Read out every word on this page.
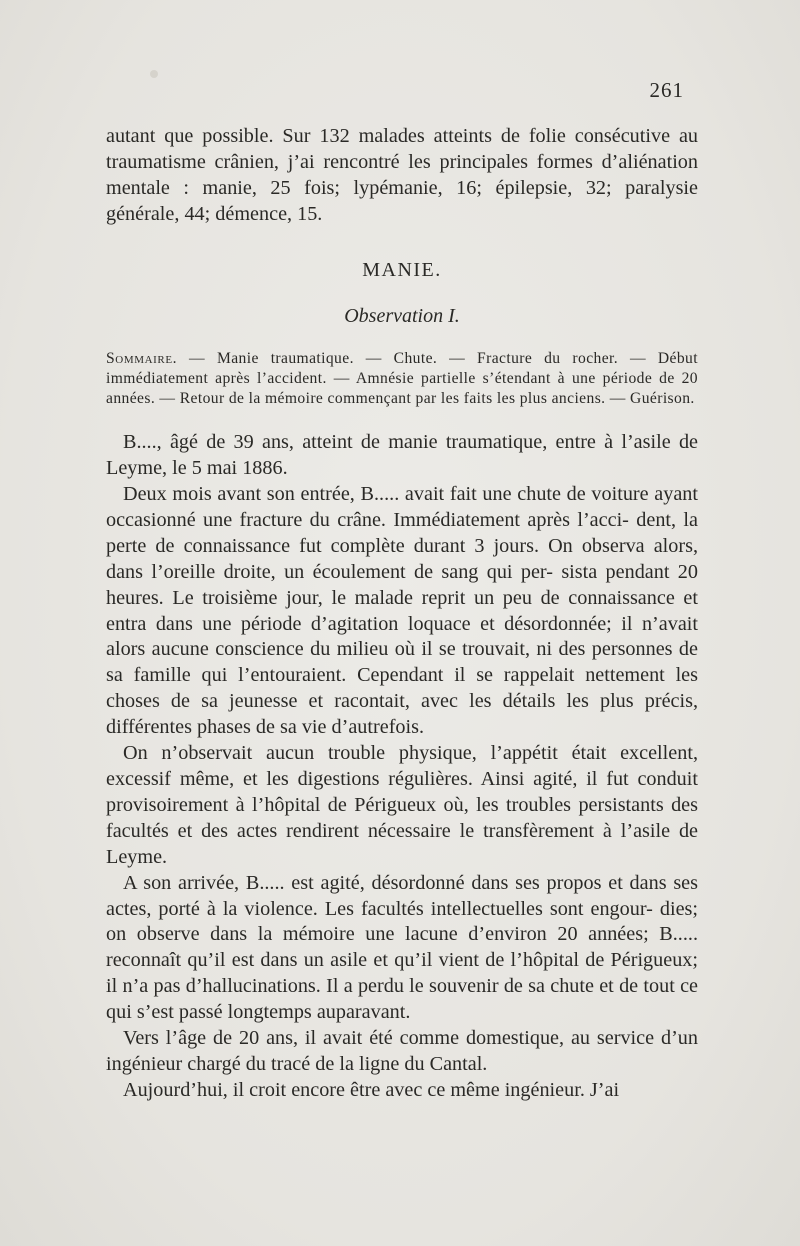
261

autant que possible. Sur 132 malades atteints de folie consécutive au traumatisme crânien, j’ai rencontré les principales formes d’aliénation mentale : manie, 25 fois; lypémanie, 16; épilepsie, 32; paralysie générale, 44; démence, 15.

MANIE.
Observation I.

Sommaire. — Manie traumatique. — Chute. — Fracture du rocher. — Début immédiatement après l’accident. — Amnésie partielle s’étendant à une période de 20 années. — Retour de la mémoire commençant par les faits les plus anciens. — Guérison.

B...., âgé de 39 ans, atteint de manie traumatique, entre à l’asile de Leyme, le 5 mai 1886.

Deux mois avant son entrée, B..... avait fait une chute de voiture ayant occasionné une fracture du crâne. Immédiatement après l’acci- dent, la perte de connaissance fut complète durant 3 jours. On observa alors, dans l’oreille droite, un écoulement de sang qui per- sista pendant 20 heures. Le troisième jour, le malade reprit un peu de connaissance et entra dans une période d’agitation loquace et désordonnée; il n’avait alors aucune conscience du milieu où il se trouvait, ni des personnes de sa famille qui l’entouraient. Cependant il se rappelait nettement les choses de sa jeunesse et racontait, avec les détails les plus précis, différentes phases de sa vie d’autrefois.

On n’observait aucun trouble physique, l’appétit était excellent, excessif même, et les digestions régulières. Ainsi agité, il fut conduit provisoirement à l’hôpital de Périgueux où, les troubles persistants des facultés et des actes rendirent nécessaire le transfèrement à l’asile de Leyme.

A son arrivée, B..... est agité, désordonné dans ses propos et dans ses actes, porté à la violence. Les facultés intellectuelles sont engour- dies; on observe dans la mémoire une lacune d’environ 20 années; B..... reconnaît qu’il est dans un asile et qu’il vient de l’hôpital de Périgueux; il n’a pas d’hallucinations. Il a perdu le souvenir de sa chute et de tout ce qui s’est passé longtemps auparavant.

Vers l’âge de 20 ans, il avait été comme domestique, au service d’un ingénieur chargé du tracé de la ligne du Cantal.

Aujourd’hui, il croit encore être avec ce même ingénieur. J’ai
